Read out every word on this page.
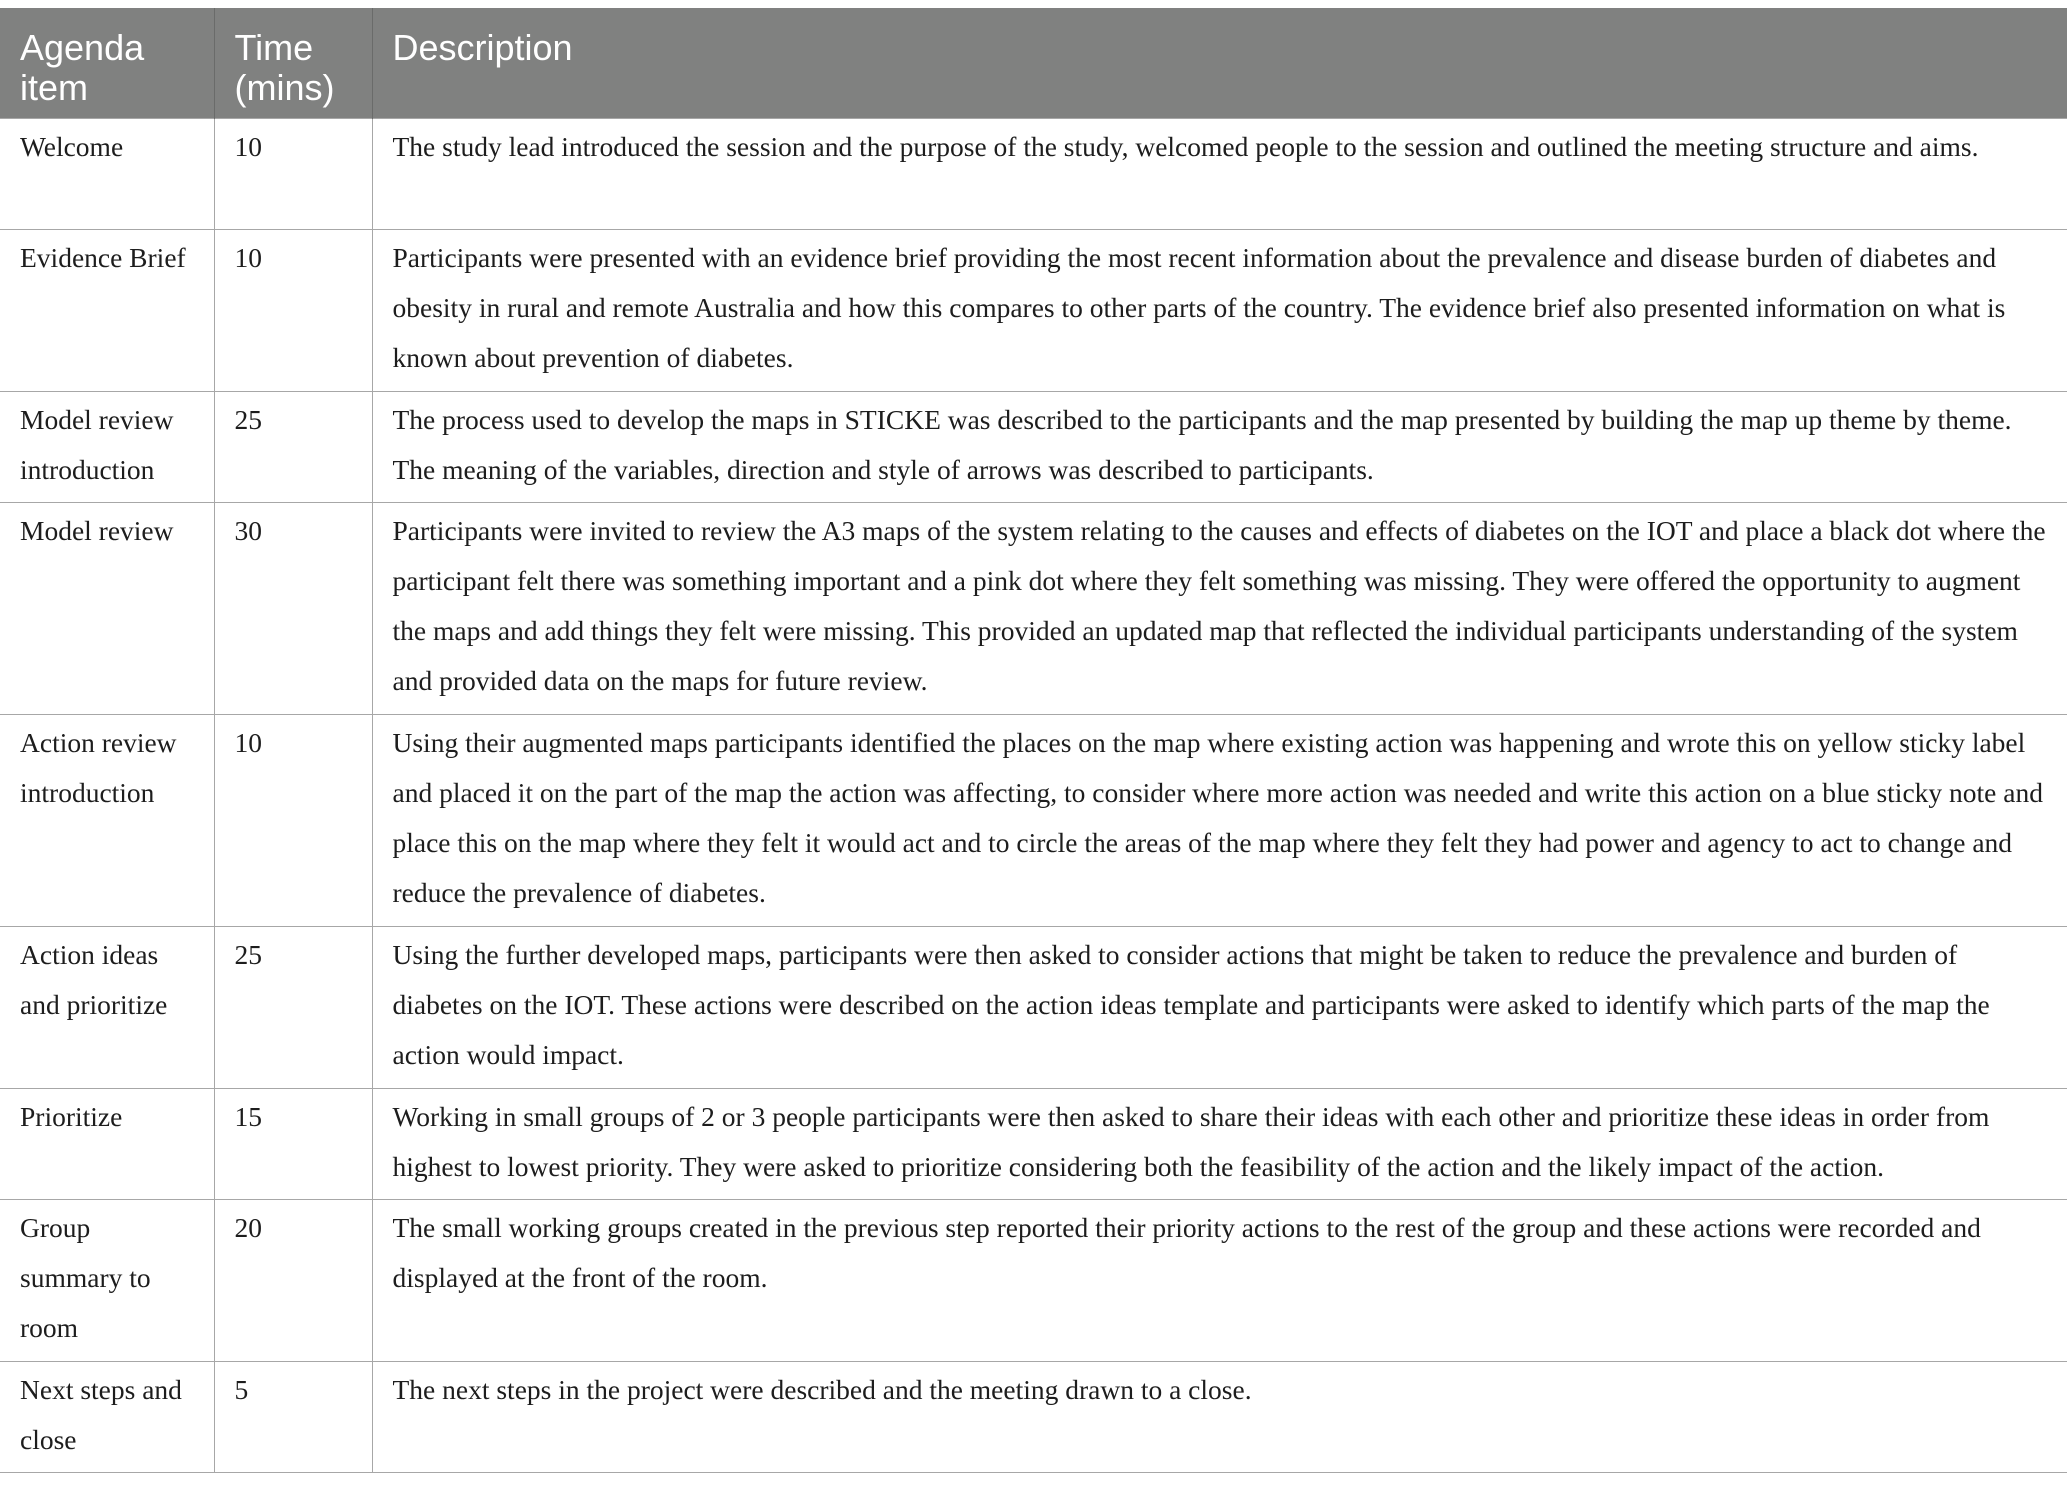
Agenda item	Time (mins)	Description
Welcome	10	The study lead introduced the session and the purpose of the study, welcomed people to the session and outlined the meeting structure and aims.
Evidence Brief	10	Participants were presented with an evidence brief providing the most recent information about the prevalence and disease burden of diabetes and obesity in rural and remote Australia and how this compares to other parts of the country. The evidence brief also presented information on what is known about prevention of diabetes.
Model review introduction	25	The process used to develop the maps in STICKE was described to the participants and the map presented by building the map up theme by theme. The meaning of the variables, direction and style of arrows was described to participants.
Model review	30	Participants were invited to review the A3 maps of the system relating to the causes and effects of diabetes on the IOT and place a black dot where the participant felt there was something important and a pink dot where they felt something was missing. They were offered the opportunity to augment the maps and add things they felt were missing. This provided an updated map that reflected the individual participants understanding of the system and provided data on the maps for future review.
Action review introduction	10	Using their augmented maps participants identified the places on the map where existing action was happening and wrote this on yellow sticky label and placed it on the part of the map the action was affecting, to consider where more action was needed and write this action on a blue sticky note and place this on the map where they felt it would act and to circle the areas of the map where they felt they had power and agency to act to change and reduce the prevalence of diabetes.
Action ideas and prioritize	25	Using the further developed maps, participants were then asked to consider actions that might be taken to reduce the prevalence and burden of diabetes on the IOT. These actions were described on the action ideas template and participants were asked to identify which parts of the map the action would impact.
Prioritize	15	Working in small groups of 2 or 3 people participants were then asked to share their ideas with each other and prioritize these ideas in order from highest to lowest priority. They were asked to prioritize considering both the feasibility of the action and the likely impact of the action.
Group summary to room	20	The small working groups created in the previous step reported their priority actions to the rest of the group and these actions were recorded and displayed at the front of the room.
Next steps and close	5	The next steps in the project were described and the meeting drawn to a close.
